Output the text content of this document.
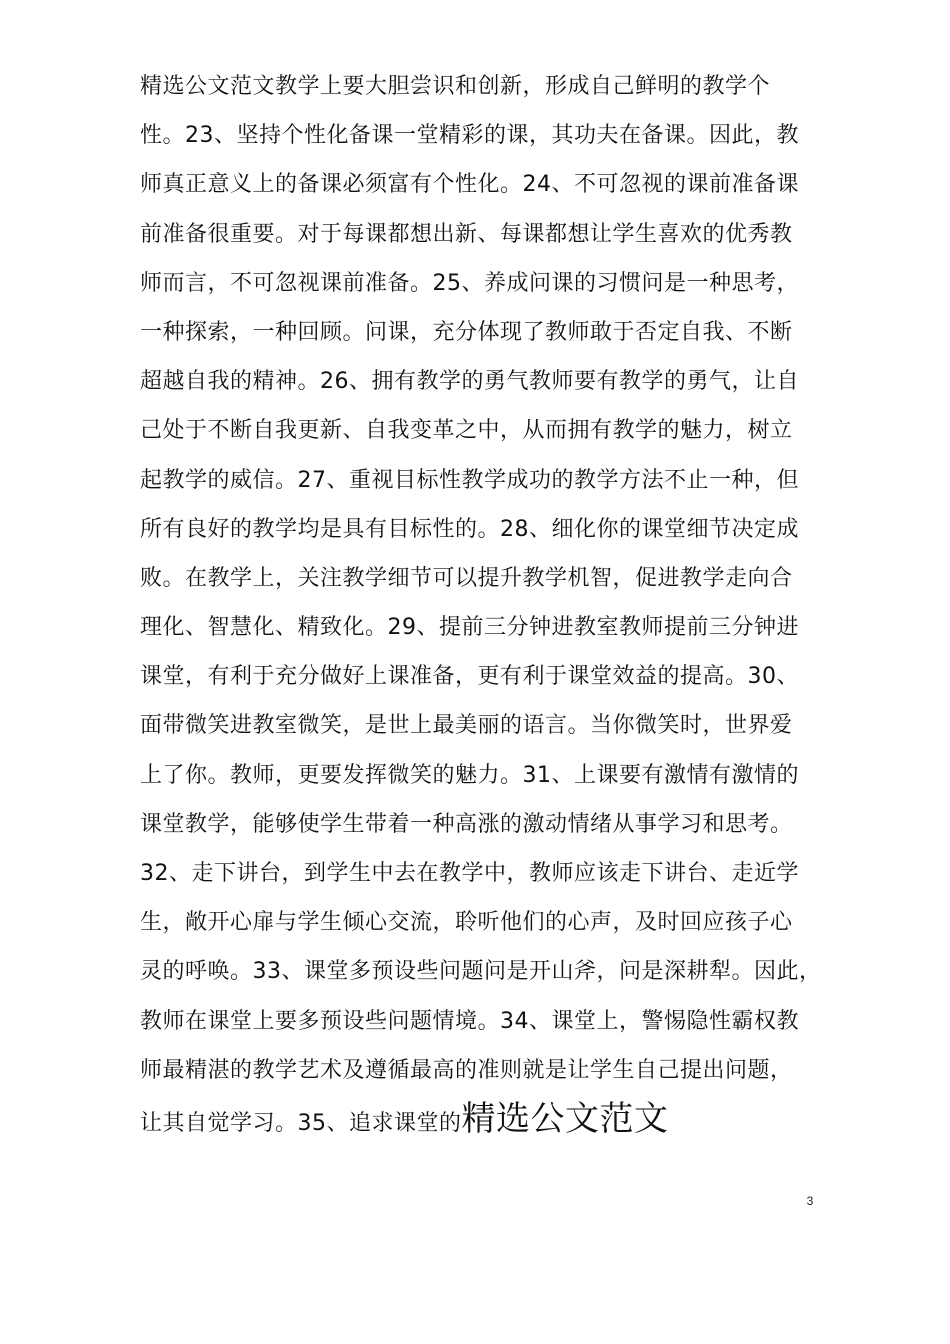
精选公文范文教学上要大胆尝识和创新，形成自己鲜明的教学个
性。23、坚持个性化备课一堂精彩的课，其功夫在备课。因此，教
师真正意义上的备课必须富有个性化。24、不可忽视的课前准备课
前准备很重要。对于每课都想出新、每课都想让学生喜欢的优秀教
师而言，不可忽视课前准备。25、养成问课的习惯问是一种思考，
一种探索，一种回顾。问课，充分体现了教师敢于否定自我、不断
超越自我的精神。26、拥有教学的勇气教师要有教学的勇气，让自
己处于不断自我更新、自我变革之中，从而拥有教学的魅力，树立
起教学的威信。27、重视目标性教学成功的教学方法不止一种，但
所有良好的教学均是具有目标性的。28、细化你的课堂细节决定成
败。在教学上，关注教学细节可以提升教学机智，促进教学走向合
理化、智慧化、精致化。29、提前三分钟进教室教师提前三分钟进
课堂，有利于充分做好上课准备，更有利于课堂效益的提高。30、
面带微笑进教室微笑，是世上最美丽的语言。当你微笑时，世界爱
上了你。教师，更要发挥微笑的魅力。31、上课要有激情有激情的
课堂教学，能够使学生带着一种高涨的激动情绪从事学习和思考。
32、走下讲台，到学生中去在教学中，教师应该走下讲台、走近学
生，敞开心扉与学生倾心交流，聆听他们的心声，及时回应孩子心
灵的呼唤。33、课堂多预设些问题问是开山斧，问是深耕犁。因此，
教师在课堂上要多预设些问题情境。34、课堂上，警惕隐性霸权教
师最精湛的教学艺术及遵循最高的准则就是让学生自己提出问题，
让其自觉学习。35、追求课堂的精选公文范文
3
